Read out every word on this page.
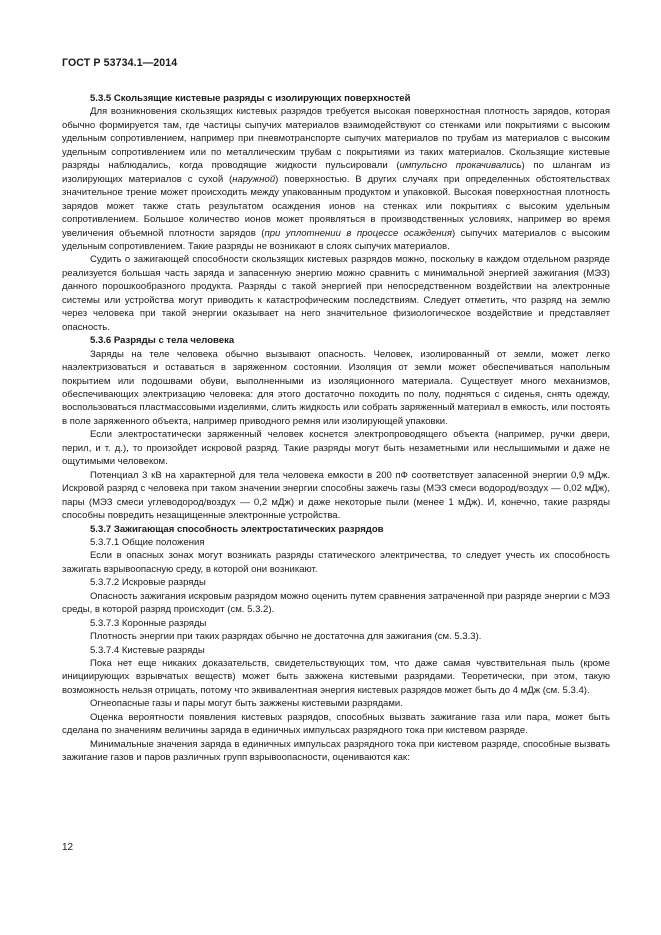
ГОСТ Р 53734.1—2014

5.3.5 Скользящие кистевые разряды с изолирующих поверхностей

Для возникновения скользящих кистевых разрядов требуется высокая поверхностная плотность зарядов, которая обычно формируется там, где частицы сыпучих материалов взаимодействуют со стенками или покрытиями с высоким удельным сопротивлением, например при пневмотранспорте сыпучих материалов по трубам из материалов с высоким удельным сопротивлением или по металлическим трубам с покрытиями из таких материалов. Скользящие кистевые разряды наблюдались, когда проводящие жидкости пульсировали (импульсно прокачивались) по шлангам из изолирующих материалов с сухой (наружной) поверхностью. В других случаях при определенных обстоятельствах значительное трение может происходить между упакованным продуктом и упаковкой. Высокая поверхностная плотность зарядов может также стать результатом осаждения ионов на стенках или покрытиях с высоким удельным сопротивлением. Большое количество ионов может проявляться в производственных условиях, например во время увеличения объемной плотности зарядов (при уплотнении в процессе осаждения) сыпучих материалов с высоким удельным сопротивлением. Такие разряды не возникают в слоях сыпучих материалов.

Судить о зажигающей способности скользящих кистевых разрядов можно, поскольку в каждом отдельном разряде реализуется большая часть заряда и запасенную энергию можно сравнить с минимальной энергией зажигания (МЭЗ) данного порошкообразного продукта. Разряды с такой энергией при непосредственном воздействии на электронные системы или устройства могут приводить к катастрофическим последствиям. Следует отметить, что разряд на землю через человека при такой энергии оказывает на него значительное физиологическое воздействие и представляет опасность.

5.3.6 Разряды с тела человека

Заряды на теле человека обычно вызывают опасность. Человек, изолированный от земли, может легко наэлектризоваться и оставаться в заряженном состоянии. Изоляция от земли может обеспечиваться напольным покрытием или подошвами обуви, выполненными из изоляционного материала. Существует много механизмов, обеспечивающих электризацию человека: для этого достаточно походить по полу, подняться с сиденья, снять одежду, воспользоваться пластмассовыми изделиями, слить жидкость или собрать заряженный материал в емкость, или постоять в поле заряженного объекта, например приводного ремня или изолирующей упаковки.

Если электростатически заряженный человек коснется электропроводящего объекта (например, ручки двери, перил, и т. д.), то произойдет искровой разряд. Такие разряды могут быть незаметными или неслышимыми и даже не ощутимыми человеком.

Потенциал 3 кВ на характерной для тела человека емкости в 200 пФ соответствует запасенной энергии 0,9 мДж. Искровой разряд с человека при таком значении энергии способны зажечь газы (МЭЗ смеси водород/воздух — 0,02 мДж), пары (МЭЗ смеси углеводород/воздух — 0,2 мДж) и даже некоторые пыли (менее 1 мДж). И, конечно, такие разряды способны повредить незащищенные электронные устройства.

5.3.7 Зажигающая способность электростатических разрядов

5.3.7.1 Общие положения

Если в опасных зонах могут возникать разряды статического электричества, то следует учесть их способность зажигать взрывоопасную среду, в которой они возникают.

5.3.7.2 Искровые разряды

Опасность зажигания искровым разрядом можно оценить путем сравнения затраченной при разряде энергии с МЭЗ среды, в которой разряд происходит (см. 5.3.2).

5.3.7.3 Коронные разряды

Плотность энергии при таких разрядах обычно не достаточна для зажигания (см. 5.3.3).

5.3.7.4 Кистевые разряды

Пока нет еще никаких доказательств, свидетельствующих том, что даже самая чувствительная пыль (кроме инициирующих взрывчатых веществ) может быть зажжена кистевыми разрядами. Теоретически, при этом, такую возможность нельзя отрицать, потому что эквивалентная энергия кистевых разрядов может быть до 4 мДж (см. 5.3.4).

Огнеопасные газы и пары могут быть зажжены кистевыми разрядами.

Оценка вероятности появления кистевых разрядов, способных вызвать зажигание газа или пара, может быть сделана по значениям величины заряда в единичных импульсах разрядного тока при кистевом разряде.

Минимальные значения заряда в единичных импульсах разрядного тока при кистевом разряде, способные вызвать зажигание газов и паров различных групп взрывоопасности, оцениваются как:

12
